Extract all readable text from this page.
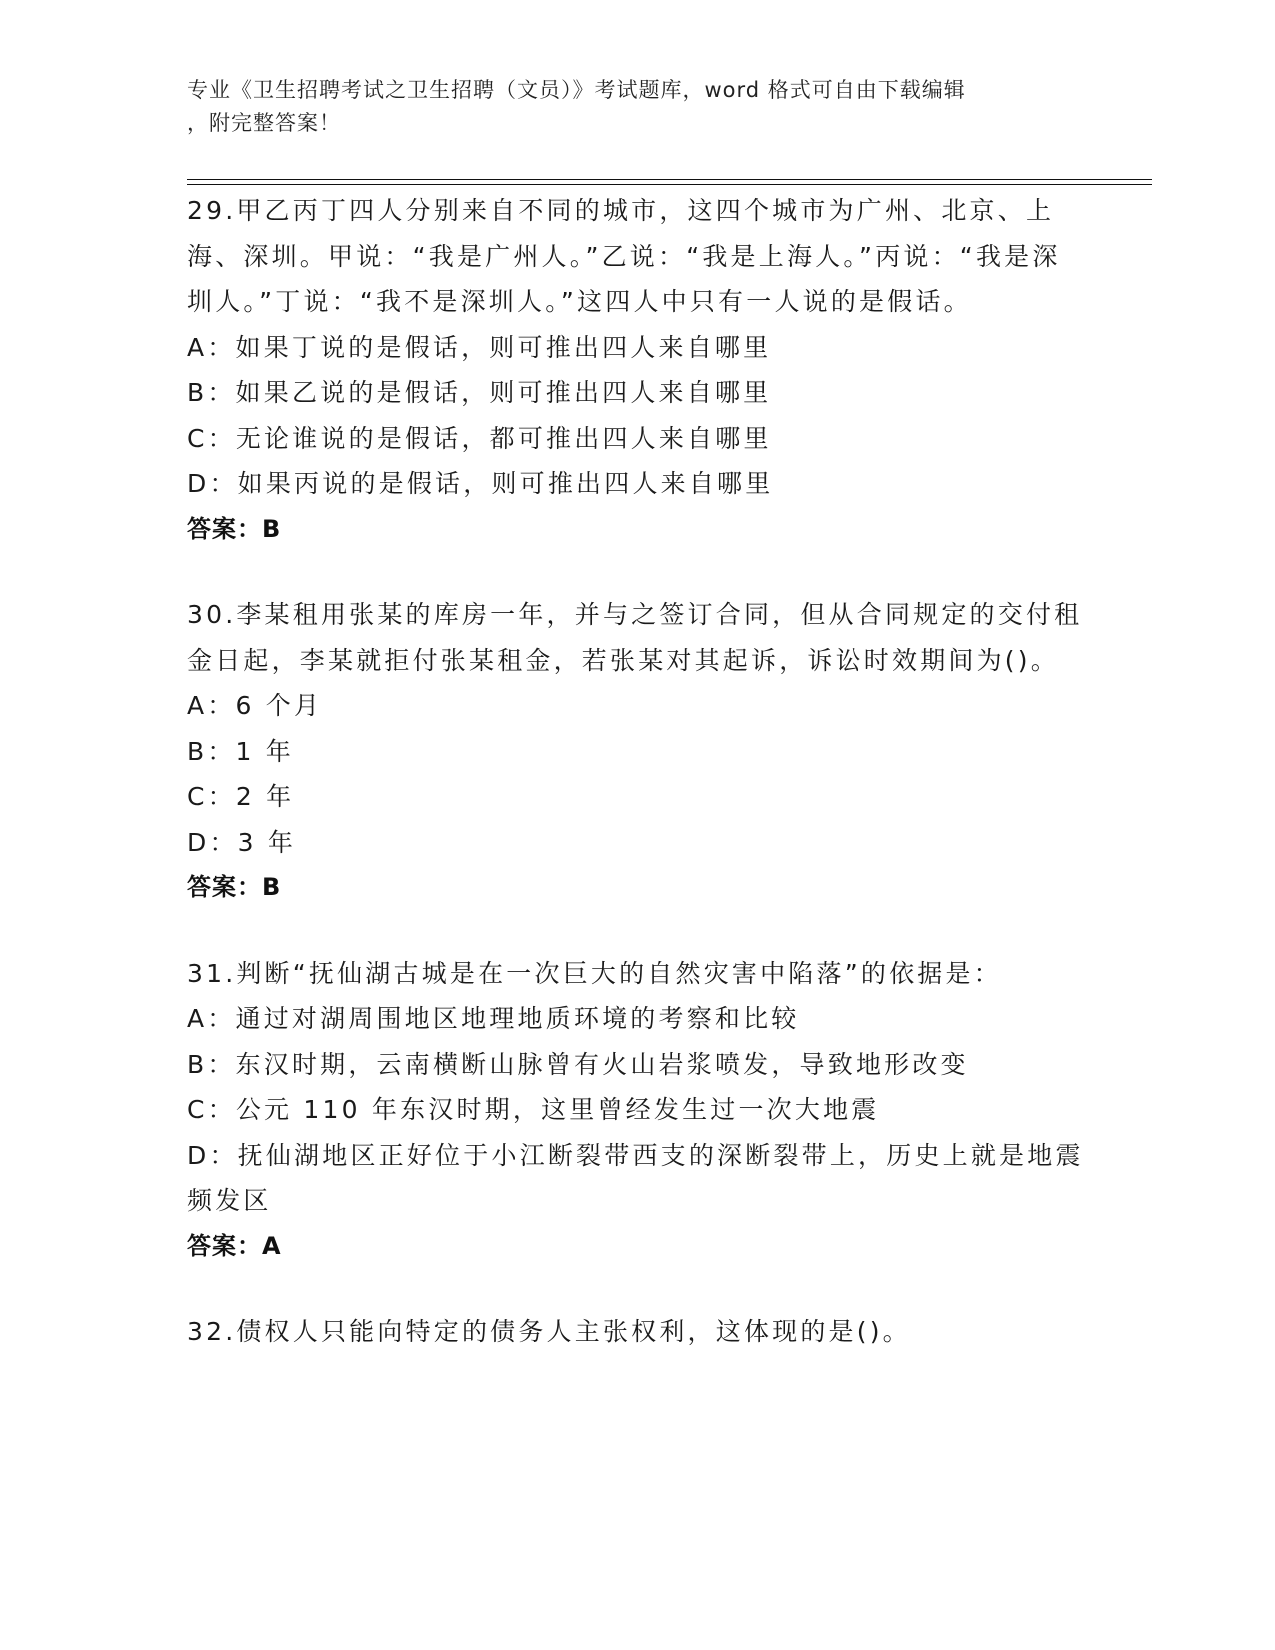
专业《卫生招聘考试之卫生招聘（文员）》考试题库，word 格式可自由下载编辑
，附完整答案！
29.甲乙丙丁四人分别来自不同的城市，这四个城市为广州、北京、上海、深圳。甲说：“我是广州人。”乙说：“我是上海人。”丙说：“我是深圳人。”丁说：“我不是深圳人。”这四人中只有一人说的是假话。
A：如果丁说的是假话，则可推出四人来自哪里
B：如果乙说的是假话，则可推出四人来自哪里
C：无论谁说的是假话，都可推出四人来自哪里
D：如果丙说的是假话，则可推出四人来自哪里
答案：B
30.李某租用张某的库房一年，并与之签订合同，但从合同规定的交付租金日起，李某就拒付张某租金，若张某对其起诉，诉讼时效期间为()。
A：6 个月
B：1 年
C：2 年
D：3 年
答案：B
31.判断“抚仙湖古城是在一次巨大的自然灾害中陷落”的依据是：
A：通过对湖周围地区地理地质环境的考察和比较
B：东汉时期，云南横断山脉曾有火山岩浆喷发，导致地形改变
C：公元 110 年东汉时期，这里曾经发生过一次大地震
D：抚仙湖地区正好位于小江断裂带西支的深断裂带上，历史上就是地震频发区
答案：A
32.债权人只能向特定的债务人主张权利，这体现的是()。
